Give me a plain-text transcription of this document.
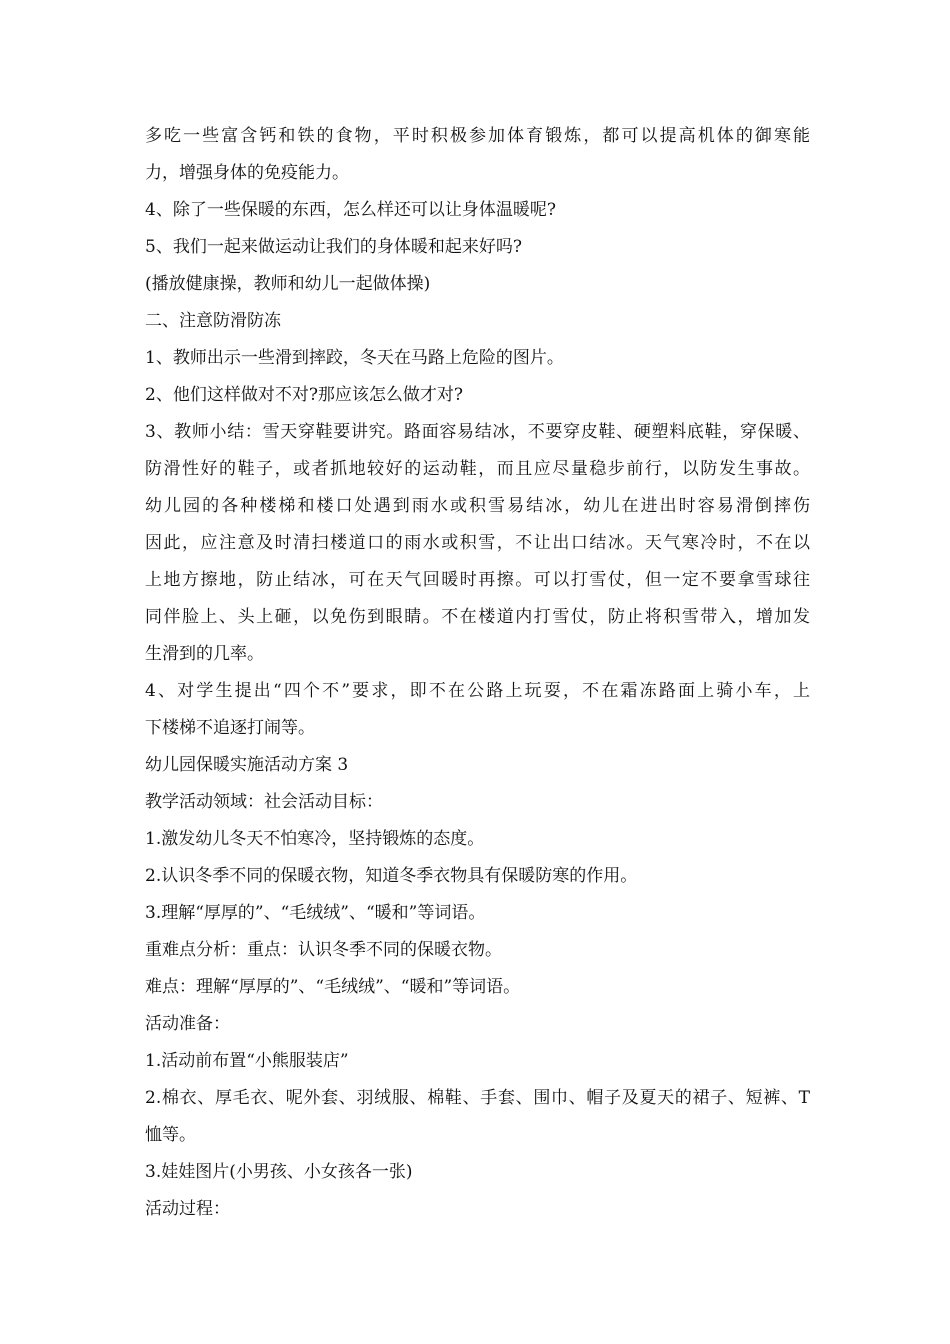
多吃一些富含钙和铁的食物，平时积极参加体育锻炼，都可以提高机体的御寒能
力，增强身体的免疫能力。
4、除了一些保暖的东西，怎么样还可以让身体温暖呢?
5、我们一起来做运动让我们的身体暖和起来好吗?
(播放健康操，教师和幼儿一起做体操)
二、注意防滑防冻
1、教师出示一些滑到摔跤，冬天在马路上危险的图片。
2、他们这样做对不对?那应该怎么做才对?
3、教师小结：雪天穿鞋要讲究。路面容易结冰，不要穿皮鞋、硬塑料底鞋，穿保暖、
防滑性好的鞋子，或者抓地较好的运动鞋，而且应尽量稳步前行，以防发生事故。
幼儿园的各种楼梯和楼口处遇到雨水或积雪易结冰，幼儿在进出时容易滑倒摔伤
因此，应注意及时清扫楼道口的雨水或积雪，不让出口结冰。天气寒冷时，不在以
上地方擦地，防止结冰，可在天气回暖时再擦。可以打雪仗，但一定不要拿雪球往
同伴脸上、头上砸，以免伤到眼睛。不在楼道内打雪仗，防止将积雪带入，增加发
生滑到的几率。
4、对学生提出“四个不”要求，即不在公路上玩耍，不在霜冻路面上骑小车，上
下楼梯不追逐打闹等。
幼儿园保暖实施活动方案 3
教学活动领域：社会活动目标：
1.激发幼儿冬天不怕寒冷，坚持锻炼的态度。
2.认识冬季不同的保暖衣物，知道冬季衣物具有保暖防寒的作用。
3.理解“厚厚的”、“毛绒绒”、“暖和”等词语。
重难点分析：重点：认识冬季不同的保暖衣物。
难点：理解“厚厚的”、“毛绒绒”、“暖和”等词语。
活动准备：
1.活动前布置“小熊服装店”
2.棉衣、厚毛衣、呢外套、羽绒服、棉鞋、手套、围巾、帽子及夏天的裙子、短裤、T
恤等。
3.娃娃图片(小男孩、小女孩各一张)
活动过程：
